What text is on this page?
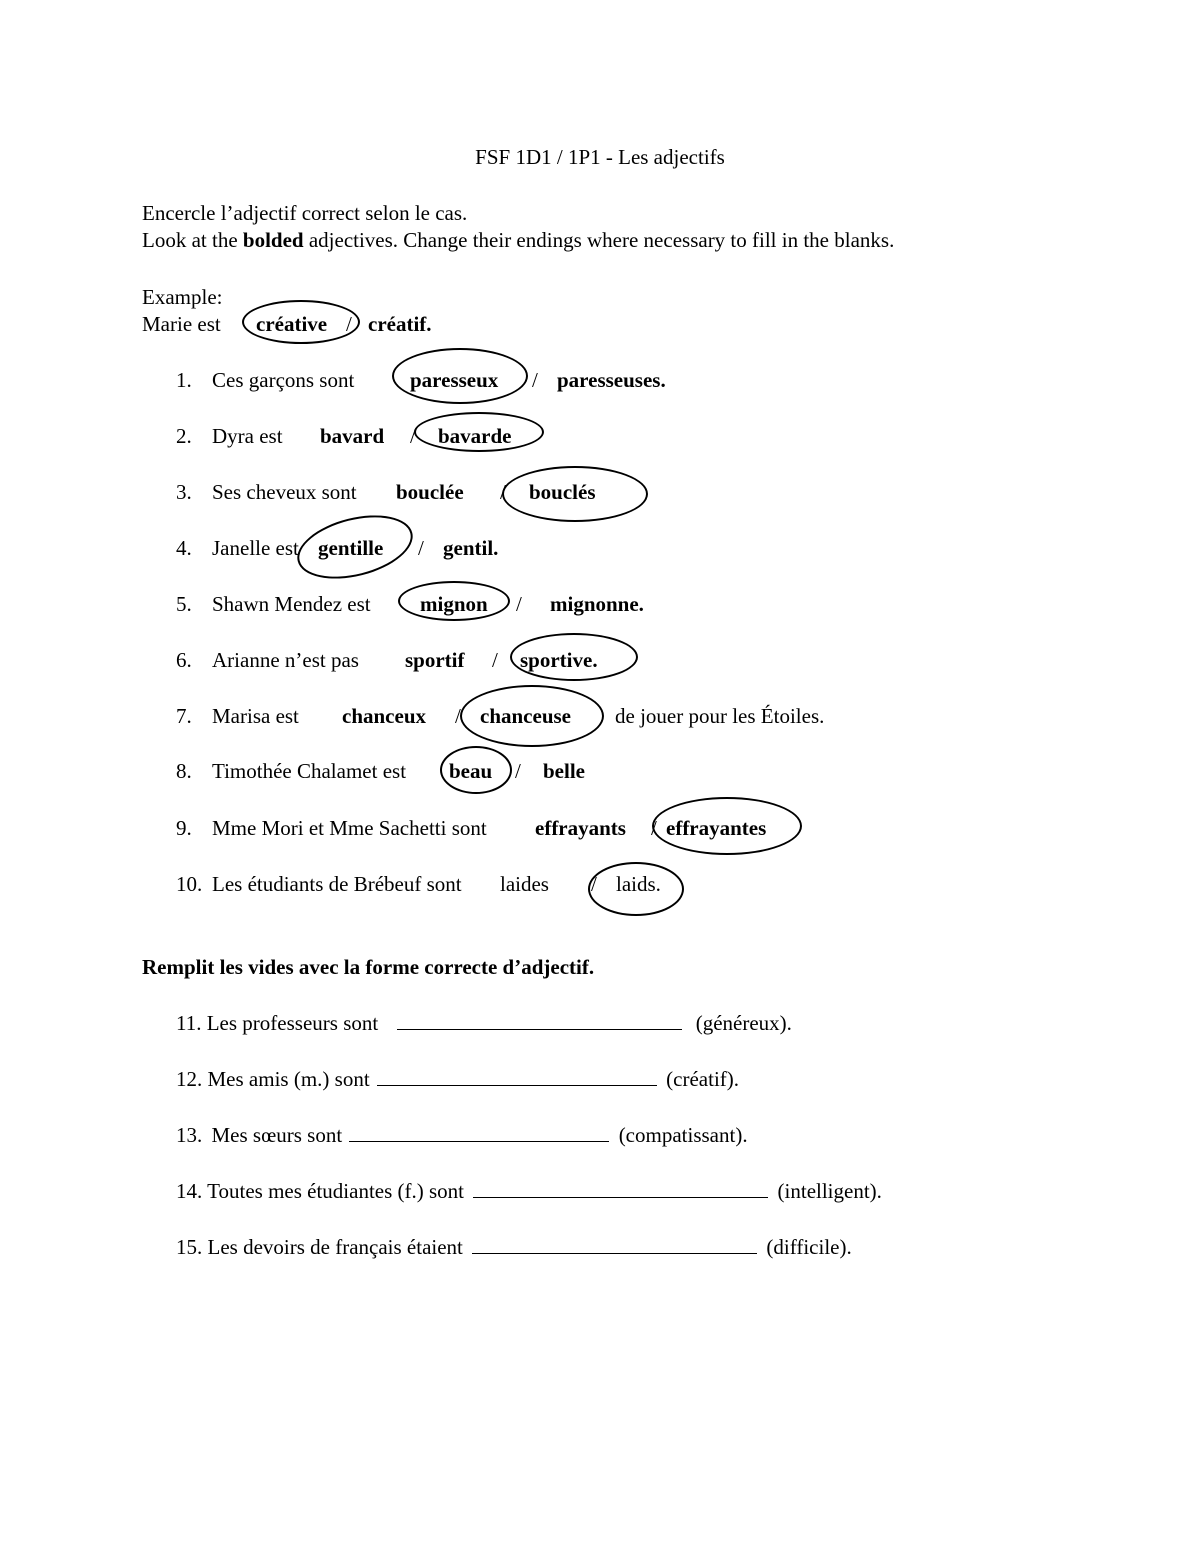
FSF 1D1 / 1P1 - Les adjectifs
Encercle l’adjectif correct selon le cas.
Look at the bolded adjectives. Change their endings where necessary to fill in the blanks.
Example:
Marie est créative / créatif.
1.
2.
3.
4.
5.
6.
7.
8.
9.
10.
Ces garçons sont	paresseux / paresseuses.
Dyra est bavard / bavarde
Ses cheveux sont bouclée / bouclés
Janelle est gentille / gentil.
Shawn Mendez est mignon / mignonne.
Arianne n’est pas sportif / sportive.
Marisa est chanceux / chanceuse de jouer pour les Étoiles.
Timothée Chalamet est beau / belle
Mme Mori et Mme Sachetti sont effrayants / effrayantes
Les étudiants de Brébeuf sont laides / laids.
Remplit les vides avec la forme correcte d’adjectif.
11. Les professeurs sont	(généreux).
12. Mes amis (m.) sont	(créatif).
13. Mes sœurs sont	(compatissant).
14. Toutes mes étudiantes (f.) sont	(intelligent).
15. Les devoirs de français étaient	(difficile).
